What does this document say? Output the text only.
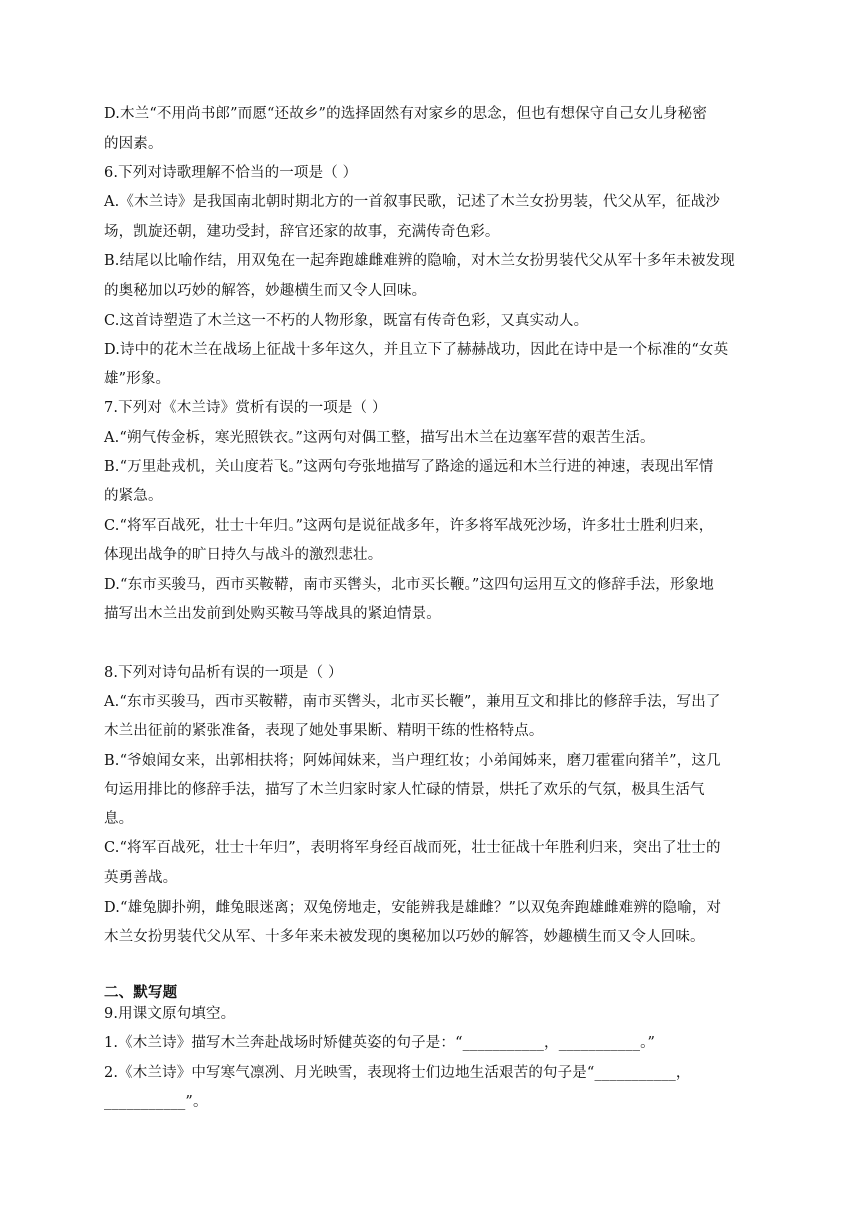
D.木兰“不用尚书郎”而愿“还故乡”的选择固然有对家乡的思念，但也有想保守自己女儿身秘密
的因素。
6.下列对诗歌理解不恰当的一项是（ ）
A.《木兰诗》是我国南北朝时期北方的一首叙事民歌，记述了木兰女扮男装，代父从军，征战沙
场，凯旋还朝，建功受封，辞官还家的故事，充满传奇色彩。
B.结尾以比喻作结，用双兔在一起奔跑雄雌难辨的隐喻，对木兰女扮男装代父从军十多年未被发现
的奥秘加以巧妙的解答，妙趣横生而又令人回味。
C.这首诗塑造了木兰这一不朽的人物形象，既富有传奇色彩，又真实动人。
D.诗中的花木兰在战场上征战十多年这久，并且立下了赫赫战功，因此在诗中是一个标准的“女英
雄”形象。
7.下列对《木兰诗》赏析有误的一项是（ ）
A.“朔气传金柝，寒光照铁衣。”这两句对偶工整，描写出木兰在边塞军营的艰苦生活。
B.“万里赴戎机，关山度若飞。”这两句夸张地描写了路途的遥远和木兰行进的神速，表现出军情
的紧急。
C.“将军百战死，壮士十年归。”这两句是说征战多年，许多将军战死沙场，许多壮士胜利归来，
体现出战争的旷日持久与战斗的激烈悲壮。
D.“东市买骏马，西市买鞍鞯，南市买辔头，北市买长鞭。”这四句运用互文的修辞手法，形象地
描写出木兰出发前到处购买鞍马等战具的紧迫情景。
8.下列对诗句品析有误的一项是（ ）
A.“东市买骏马，西市买鞍鞯，南市买辔头，北市买长鞭”，兼用互文和排比的修辞手法，写出了
木兰出征前的紧张准备，表现了她处事果断、精明干练的性格特点。
B.“爷娘闻女来，出郭相扶将；阿姊闻妹来，当户理红妆；小弟闻姊来，磨刀霍霍向猪羊”，这几
句运用排比的修辞手法，描写了木兰归家时家人忙碌的情景，烘托了欢乐的气氛，极具生活气
息。
C.“将军百战死，壮士十年归”，表明将军身经百战而死，壮士征战十年胜利归来，突出了壮士的
英勇善战。
D.“雄兔脚扑朔，雌兔眼迷离；双兔傍地走，安能辨我是雄雌？”以双兔奔跑雄雌难辨的隐喻，对
木兰女扮男装代父从军、十多年来未被发现的奥秘加以巧妙的解答，妙趣横生而又令人回味。
二、默写题
9.用课文原句填空。
1.《木兰诗》描写木兰奔赴战场时矫健英姿的句子是：“___________，___________。”
2.《木兰诗》中写寒气凛冽、月光映雪，表现将士们边地生活艰苦的句子是“___________，
___________”。
